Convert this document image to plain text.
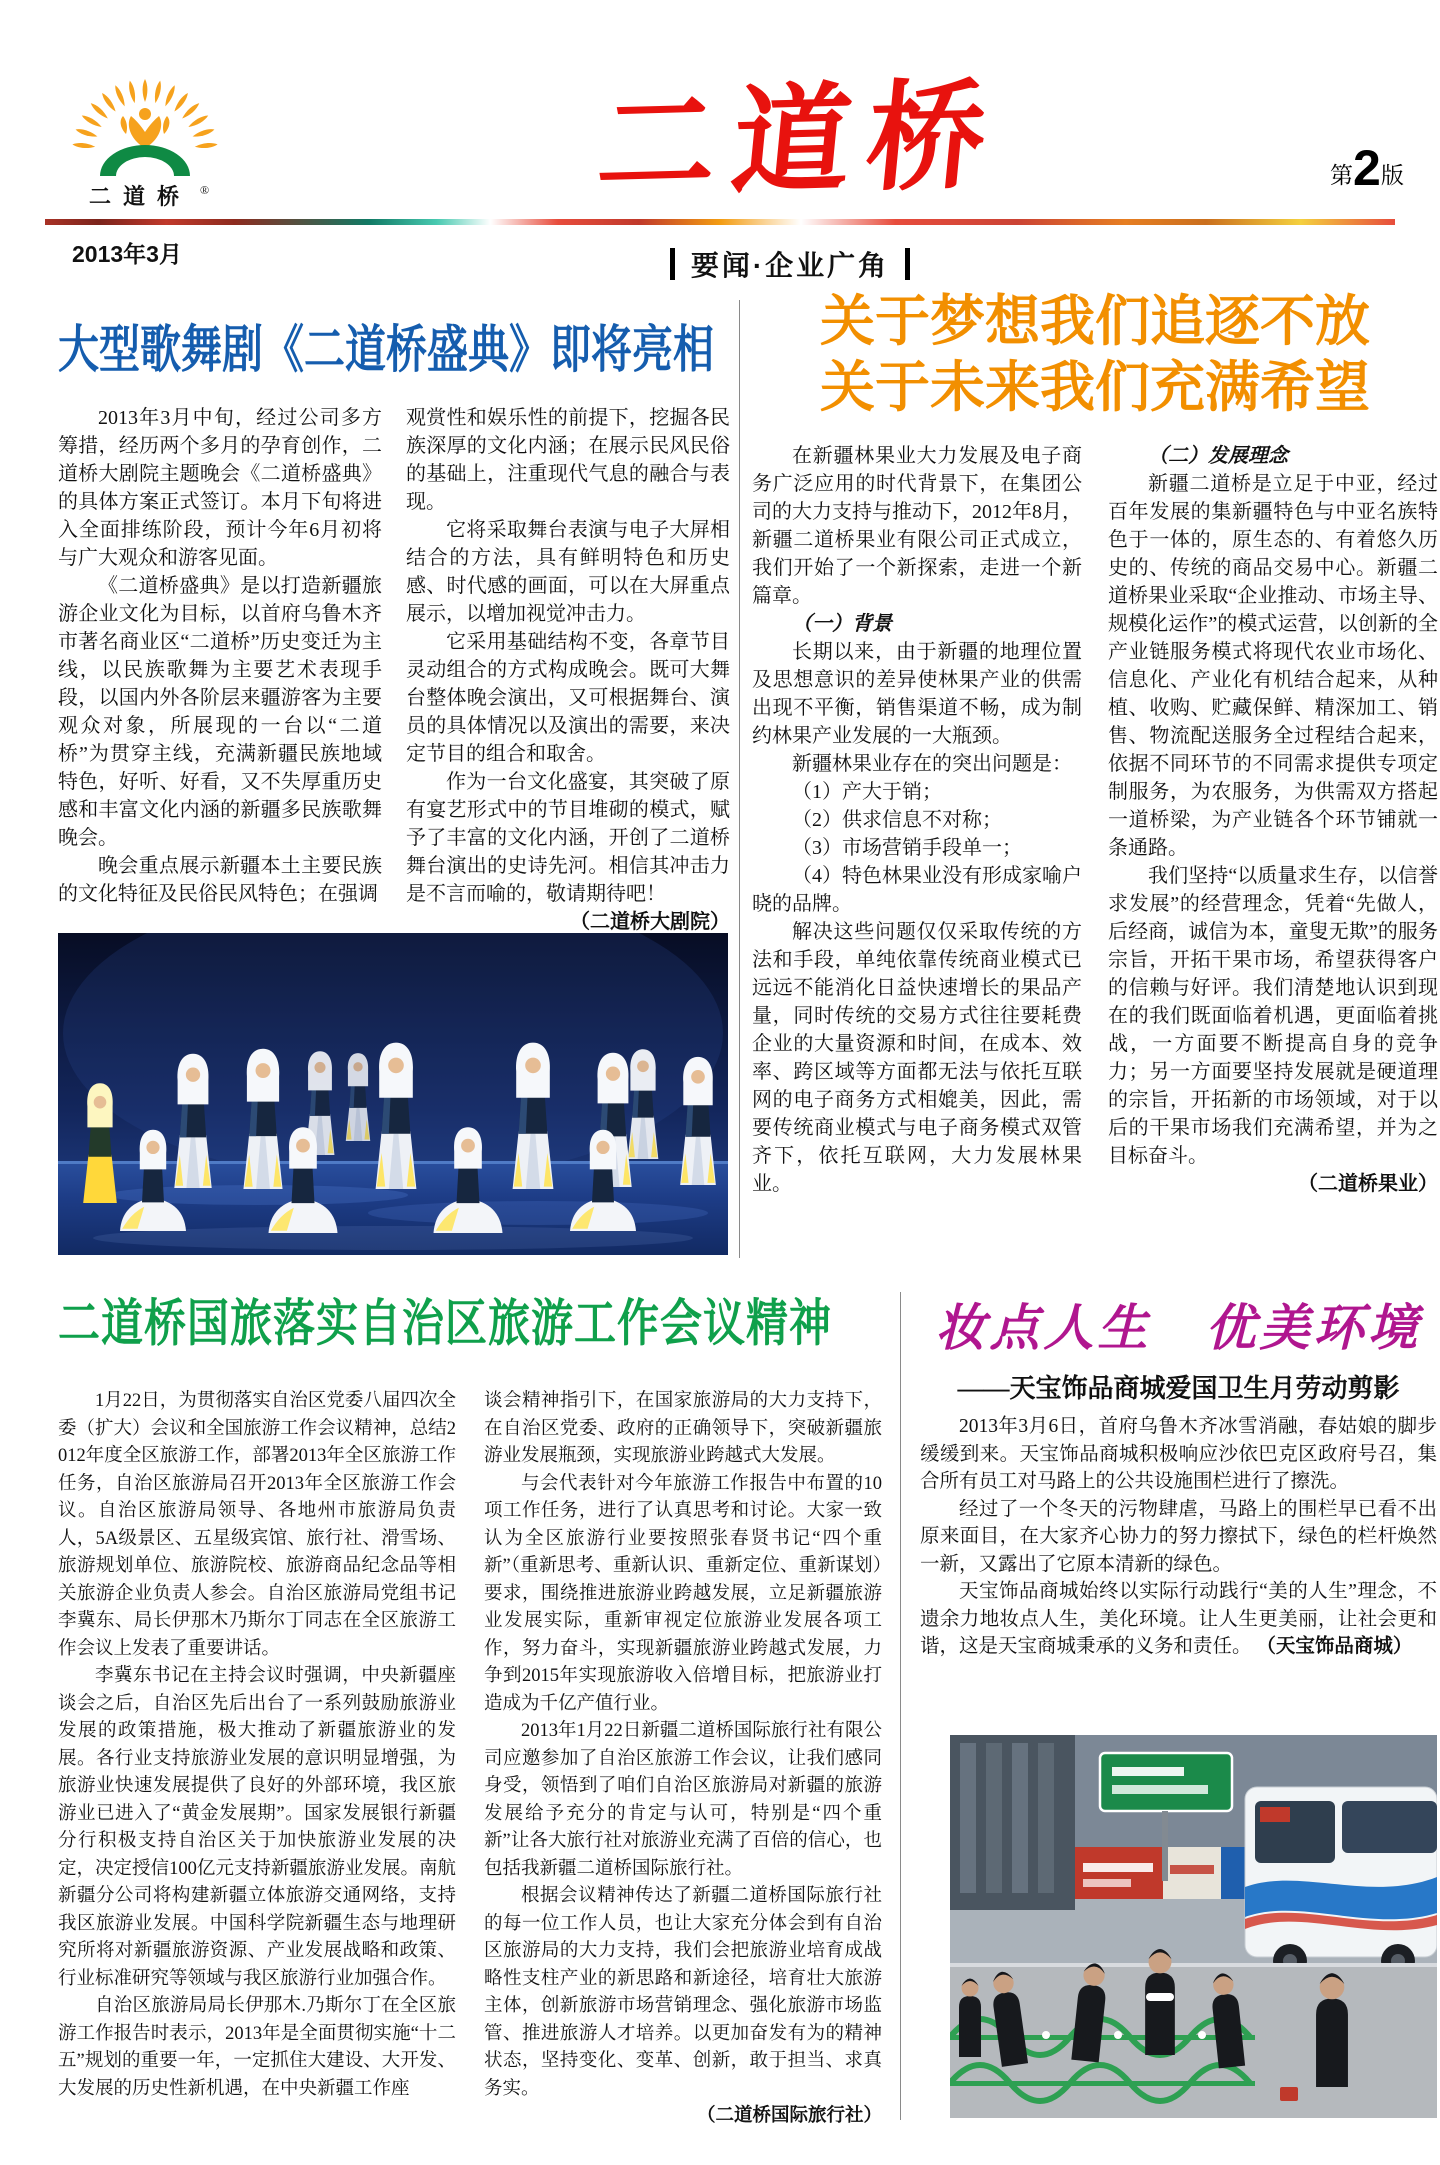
二道桥 ®	二道桥	第 2 版
2013年3月	要闻·企业广角
大型歌舞剧《二道桥盛典》即将亮相

2013年3月中旬，经过公司多方筹措，经历两个多月的孕育创作，二道桥大剧院主题晚会《二道桥盛典》的具体方案正式签订。本月下旬将进入全面排练阶段，预计今年6月初将与广大观众和游客见面。

《二道桥盛典》是以打造新疆旅游企业文化为目标，以首府乌鲁木齐市著名商业区“二道桥”历史变迁为主线，以民族歌舞为主要艺术表现手段，以国内外各阶层来疆游客为主要观众对象，所展现的一台以“二道桥”为贯穿主线，充满新疆民族地域特色，好听、好看，又不失厚重历史感和丰富文化内涵的新疆多民族歌舞晚会。

晚会重点展示新疆本土主要民族的文化特征及民俗民风特色；在强调

观赏性和娱乐性的前提下，挖掘各民族深厚的文化内涵；在展示民风民俗的基础上，注重现代气息的融合与表现。

它将采取舞台表演与电子大屏相结合的方法，具有鲜明特色和历史感、时代感的画面，可以在大屏重点展示，以增加视觉冲击力。

它采用基础结构不变，各章节目灵动组合的方式构成晚会。既可大舞台整体晚会演出，又可根据舞台、演员的具体情况以及演出的需要，来决定节目的组合和取舍。

作为一台文化盛宴，其突破了原有宴艺形式中的节目堆砌的模式，赋予了丰富的文化内涵，开创了二道桥舞台演出的史诗先河。相信其冲击力是不言而喻的，敬请期待吧！

（二道桥大剧院）

关于梦想我们追逐不放
关于未来我们充满希望

在新疆林果业大力发展及电子商务广泛应用的时代背景下，在集团公司的大力支持与推动下，2012年8月，新疆二道桥果业有限公司正式成立，我们开始了一个新探索，走进一个新篇章。

（一）背景

长期以来，由于新疆的地理位置及思想意识的差异使林果产业的供需出现不平衡，销售渠道不畅，成为制约林果产业发展的一大瓶颈。

新疆林果业存在的突出问题是：

（1）产大于销；

（2）供求信息不对称；

（3）市场营销手段单一；

（4）特色林果业没有形成家喻户晓的品牌。

解决这些问题仅仅采取传统的方法和手段，单纯依靠传统商业模式已远远不能消化日益快速增长的果品产量，同时传统的交易方式往往要耗费企业的大量资源和时间，在成本、效率、跨区域等方面都无法与依托互联网的电子商务方式相媲美，因此，需要传统商业模式与电子商务模式双管齐下，依托互联网，大力发展林果业。

（二）发展理念

新疆二道桥是立足于中亚，经过百年发展的集新疆特色与中亚名族特色于一体的，原生态的、有着悠久历史的、传统的商品交易中心。新疆二道桥果业采取“企业推动、市场主导、规模化运作”的模式运营，以创新的全产业链服务模式将现代农业市场化、信息化、产业化有机结合起来，从种植、收购、贮藏保鲜、精深加工、销售、物流配送服务全过程结合起来，依据不同环节的不同需求提供专项定制服务，为农服务，为供需双方搭起一道桥梁，为产业链各个环节铺就一条通路。

我们坚持“以质量求生存，以信誉求发展”的经营理念，凭着“先做人，后经商，诚信为本，童叟无欺”的服务宗旨，开拓干果市场，希望获得客户的信赖与好评。我们清楚地认识到现在的我们既面临着机遇，更面临着挑战，一方面要不断提高自身的竞争力；另一方面要坚持发展就是硬道理的宗旨，开拓新的市场领域，对于以后的干果市场我们充满希望，并为之目标奋斗。

（二道桥果业）

二道桥国旅落实自治区旅游工作会议精神

1月22日，为贯彻落实自治区党委八届四次全委（扩大）会议和全国旅游工作会议精神，总结2012年度全区旅游工作，部署2013年全区旅游工作任务，自治区旅游局召开2013年全区旅游工作会议。自治区旅游局领导、各地州市旅游局负责人，5A级景区、五星级宾馆、旅行社、滑雪场、旅游规划单位、旅游院校、旅游商品纪念品等相关旅游企业负责人参会。自治区旅游局党组书记李冀东、局长伊那木乃斯尔丁同志在全区旅游工作会议上发表了重要讲话。

李冀东书记在主持会议时强调，中央新疆座谈会之后，自治区先后出台了一系列鼓励旅游业发展的政策措施，极大推动了新疆旅游业的发展。各行业支持旅游业发展的意识明显增强，为旅游业快速发展提供了良好的外部环境，我区旅游业已进入了“黄金发展期”。国家发展银行新疆分行积极支持自治区关于加快旅游业发展的决定，决定授信100亿元支持新疆旅游业发展。南航新疆分公司将构建新疆立体旅游交通网络，支持我区旅游业发展。中国科学院新疆生态与地理研究所将对新疆旅游资源、产业发展战略和政策、行业标准研究等领域与我区旅游行业加强合作。

自治区旅游局局长伊那木.乃斯尔丁在全区旅游工作报告时表示，2013年是全面贯彻实施“十二五”规划的重要一年，一定抓住大建设、大开发、大发展的历史性新机遇，在中央新疆工作座

谈会精神指引下，在国家旅游局的大力支持下，在自治区党委、政府的正确领导下，突破新疆旅游业发展瓶颈，实现旅游业跨越式大发展。

与会代表针对今年旅游工作报告中布置的10项工作任务，进行了认真思考和讨论。大家一致认为全区旅游行业要按照张春贤书记“四个重新”（重新思考、重新认识、重新定位、重新谋划）要求，围绕推进旅游业跨越发展，立足新疆旅游业发展实际，重新审视定位旅游业发展各项工作，努力奋斗，实现新疆旅游业跨越式发展，力争到2015年实现旅游收入倍增目标，把旅游业打造成为千亿产值行业。

2013年1月22日新疆二道桥国际旅行社有限公司应邀参加了自治区旅游工作会议，让我们感同身受，领悟到了咱们自治区旅游局对新疆的旅游发展给予充分的肯定与认可，特别是“四个重新”让各大旅行社对旅游业充满了百倍的信心，也包括我新疆二道桥国际旅行社。

根据会议精神传达了新疆二道桥国际旅行社的每一位工作人员，也让大家充分体会到有自治区旅游局的大力支持，我们会把旅游业培育成战略性支柱产业的新思路和新途径，培育壮大旅游主体，创新旅游市场营销理念、强化旅游市场监管、推进旅游人才培养。以更加奋发有为的精神状态，坚持变化、变革、创新，敢于担当、求真务实。

（二道桥国际旅行社）

妆点人生　优美环境
——天宝饰品商城爱国卫生月劳动剪影

2013年3月6日，首府乌鲁木齐冰雪消融，春姑娘的脚步缓缓到来。天宝饰品商城积极响应沙依巴克区政府号召，集合所有员工对马路上的公共设施围栏进行了擦洗。

经过了一个冬天的污物肆虐，马路上的围栏早已看不出原来面目，在大家齐心协力的努力擦拭下，绿色的栏杆焕然一新，又露出了它原本清新的绿色。

天宝饰品商城始终以实际行动践行“美的人生”理念，不遗余力地妆点人生，美化环境。让人生更美丽，让社会更和谐，这是天宝商城秉承的义务和责任。 （天宝饰品商城）
